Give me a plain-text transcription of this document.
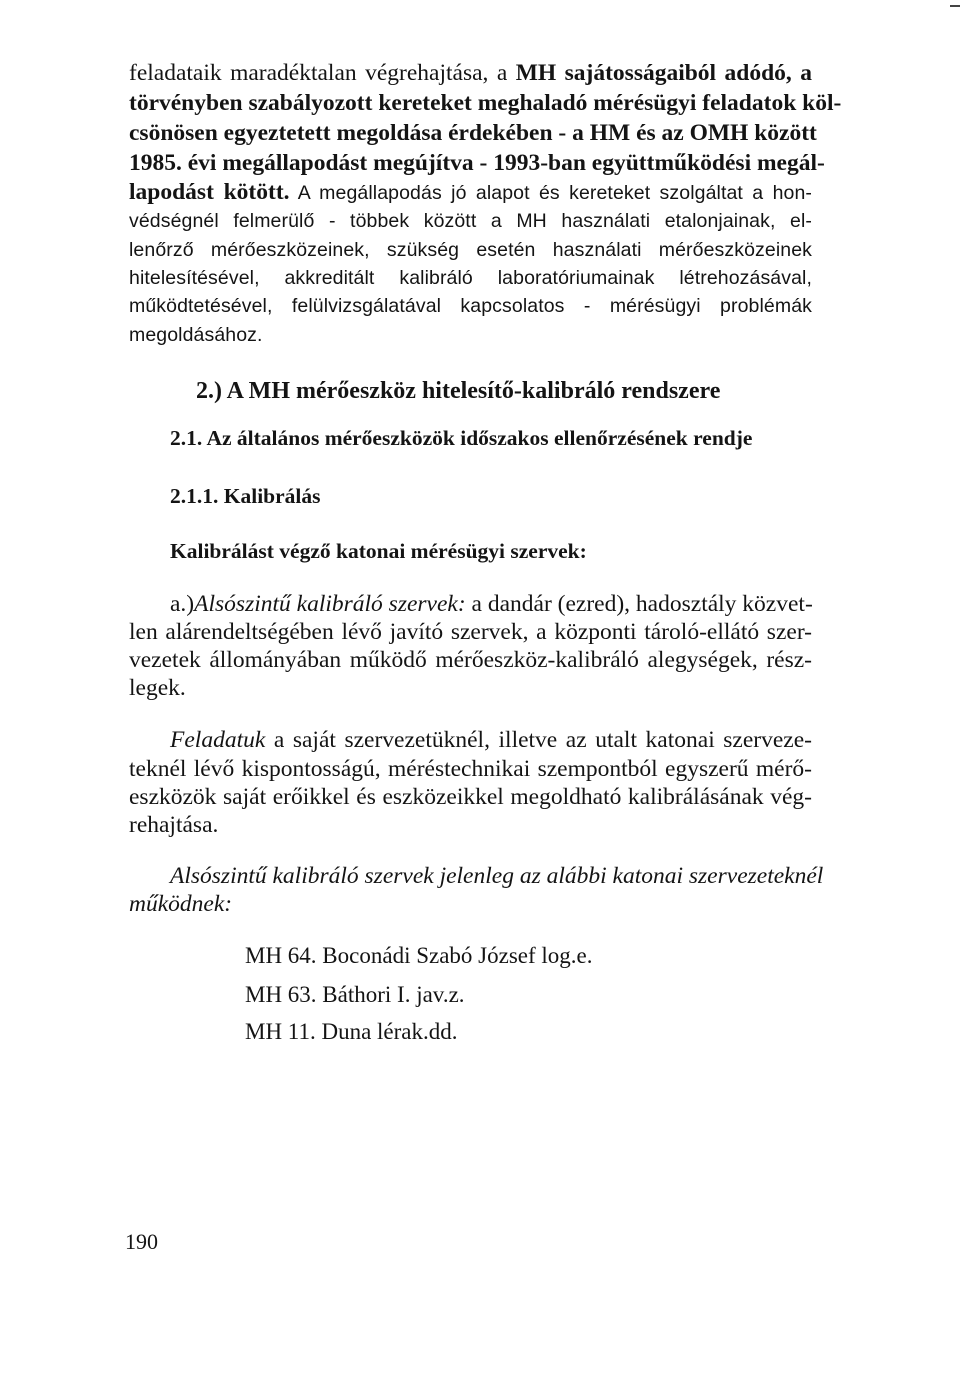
feladataik maradéktalan végrehajtása, a MH sajátosságaiból adódó, a
törvényben szabályozott kereteket meghaladó mérésügyi feladatok köl-
csönösen egyeztetett megoldása érdekében - a HM és az OMH között
1985. évi megállapodást megújítva - 1993-ban együttműködési megál-
lapodást kötött. A megállapodás jó alapot és kereteket szolgáltat a hon-
védségnél felmerülő - többek között a MH használati etalonjainak, el-
lenőrző mérőeszközeinek, szükség esetén használati mérőeszközeinek
hitelesítésével, akkreditált kalibráló laboratóriumainak létrehozásával,
működtetésével, felülvizsgálatával kapcsolatos - mérésügyi problémák
megoldásához.
2.) A MH mérőeszköz hitelesítő-kalibráló rendszere
2.1. Az általános mérőeszközök időszakos ellenőrzésének rendje
2.1.1. Kalibrálás
Kalibrálást végző katonai mérésügyi szervek:
a.)Alsószintű kalibráló szervek: a dandár (ezred), hadosztály közvet-
len alárendeltségében lévő javító szervek, a központi tároló-ellátó szer-
vezetek állományában működő mérőeszköz-kalibráló alegységek, rész-
legek.
Feladatuk a saját szervezetüknél, illetve az utalt katonai szerveze-
teknél lévő kispontosságú, méréstechnikai szempontból egyszerű mérő-
eszközök saját erőikkel és eszközeikkel megoldható kalibrálásának vég-
rehajtása.
Alsószintű kalibráló szervek jelenleg az alábbi katonai szervezeteknél
működnek:
MH 64. Boconádi Szabó József log.e.
MH 63. Báthori I. jav.z.
MH 11. Duna lérak.dd.
190
